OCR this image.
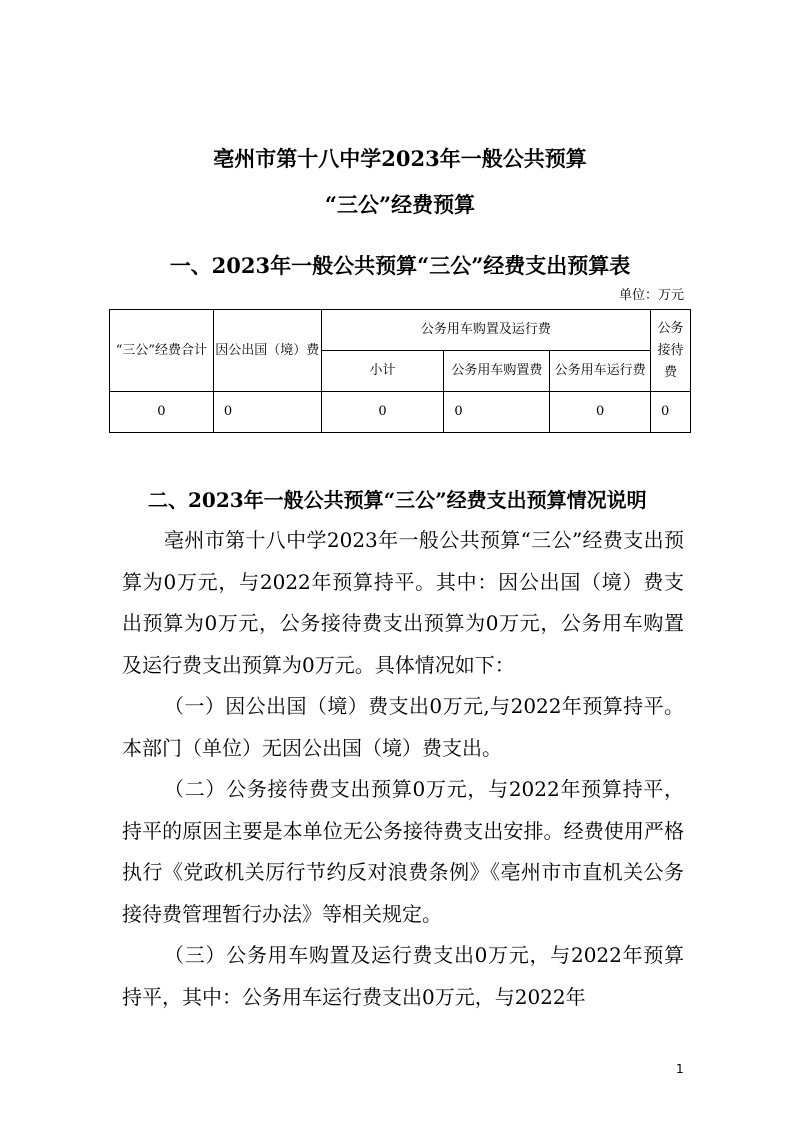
亳州市第十八中学2023年一般公共预算
“三公”经费预算
一、2023年一般公共预算“三公”经费支出预算表
单位：万元
“三公”经费合计	因公出国（境）费	公务用车购置及运行费			公务接待费
		小计	公务用车购置费	公务用车运行费	
0	0	0	0	0	0
二、2023年一般公共预算“三公”经费支出预算情况说明
亳州市第十八中学2023年一般公共预算“三公”经费支出预算为0万元，与2022年预算持平。其中：因公出国（境）费支出预算为0万元，公务接待费支出预算为0万元，公务用车购置及运行费支出预算为0万元。具体情况如下：
（一）因公出国（境）费支出0万元,与2022年预算持平。本部门（单位）无因公出国（境）费支出。
（二）公务接待费支出预算0万元，与2022年预算持平，持平的原因主要是本单位无公务接待费支出安排。经费使用严格执行《党政机关厉行节约反对浪费条例》《亳州市市直机关公务接待费管理暂行办法》等相关规定。
（三）公务用车购置及运行费支出0万元，与2022年预算持平，其中：公务用车运行费支出0万元，与2022年
1
